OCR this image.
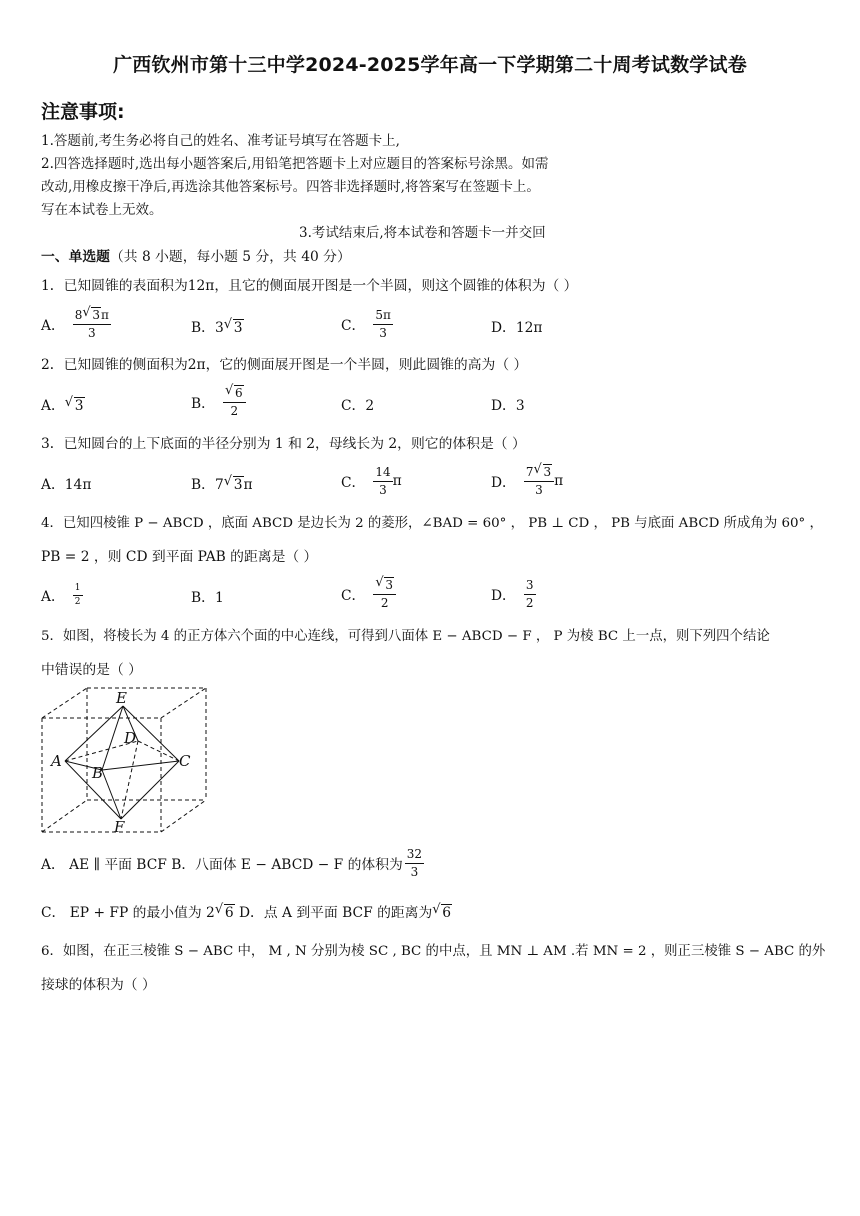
广西钦州市第十三中学2024-2025学年高一下学期第二十周考试数学试卷
注意事项:
1.答题前,考生务必将自己的姓名、准考证号填写在答题卡上,
2.四答选择题时,选出每小题答案后,用铅笔把答题卡上对应题目的答案标号涂黑。如需
改动,用橡皮擦干净后,再选涂其他答案标号。四答非选择题时,将答案写在签题卡上。
写在本试卷上无效。
3.考试结束后,将本试卷和答题卡一并交回
一、单选题（共 8 小题，每小题 5 分，共 40 分）
1．已知圆锥的表面积为12π，且它的侧面展开图是一个半圆，则这个圆锥的体积为（ ）
A． $\frac{8 √ 3\pi}{3}$	B．3 √ 3	C． $\frac{5\pi}{3}$	D．12π
2．已知圆锥的侧面积为2π，它的侧面展开图是一个半圆，则此圆锥的高为（ ）
A． √ 3	B． √ $\frac{6}{2}$	C．2	D．3
3．已知圆台的上下底面的半径分别为 1 和 2，母线长为 2，则它的体积是（ ）
A．14π	B．7 √ 3π	C． $\frac{14}{3}$ π	D． $\frac{7 √ 3}{3}$ π
4．已知四棱锥 P − ABCD ，底面 ABCD 是边长为 2 的菱形，∠BAD = 60° ， PB ⊥ CD ， PB 与底面 ABCD 所成角为 60° ，
PB = 2 ，则 CD 到平面 PAB 的距离是（ ）
A． $\frac{1}{2}$	B．1	C． √ $\frac{3}{2}$	D． $\frac{3}{2}$
5．如图，将棱长为 4 的正方体六个面的中心连线，可得到八面体 E − ABCD − F ， P 为棱 BC 上一点，则下列四个结论
中错误的是（ ）
E
D
A
B
C
F
A． AE ∥ 平面 BCF B．八面体 E − ABCD − F 的体积为 $\frac{32}{3}$
C． EP + FP 的最小值为 2 √ 6 D．点 A 到平面 BCF 的距离为 √ 6
6．如图，在正三棱锥 S − ABC 中， M , N 分别为棱 SC , BC 的中点，且 MN ⊥ AM .若 MN = 2 ，则正三棱锥 S − ABC 的外
接球的体积为（ ）
